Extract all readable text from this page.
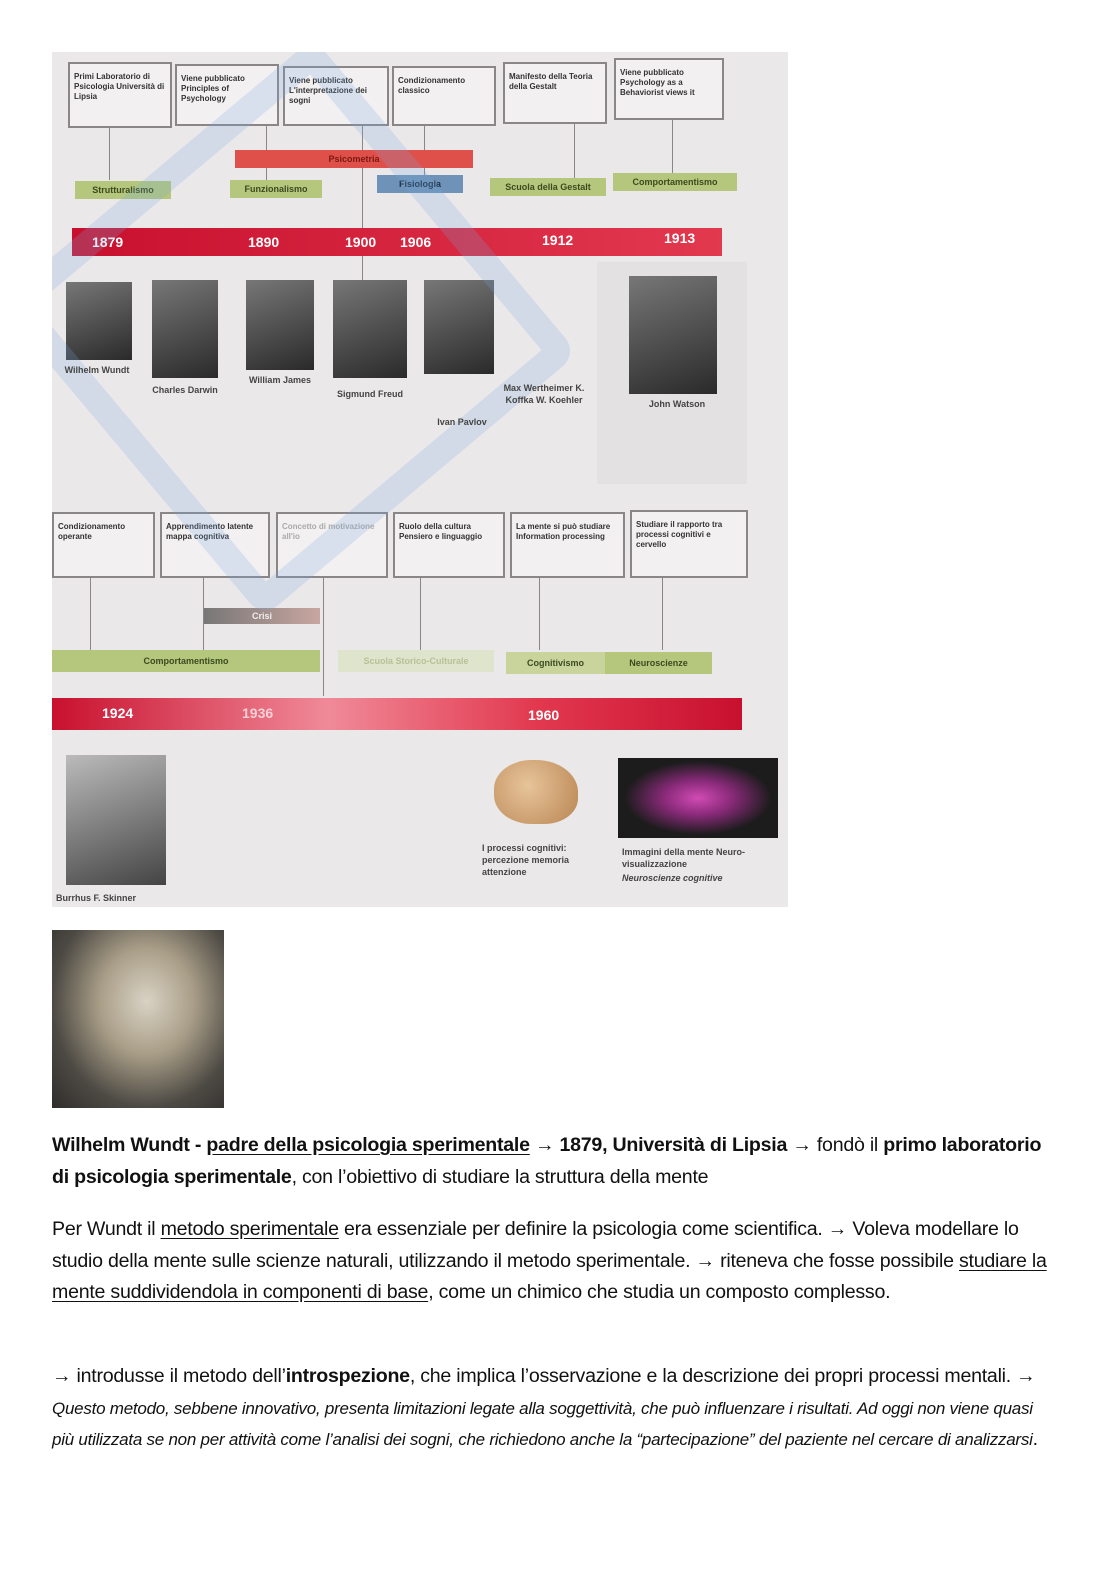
Primi Laboratorio di Psicologia Università di Lipsia
Viene pubblicato Principles of Psychology
Viene pubblicato L'interpretazione dei sogni
Condizionamento classico
Manifesto della Teoria della Gestalt
Viene pubblicato Psychology as a Behaviorist views it
Psicometria
Strutturalismo	Funzionalismo	Fisiologia	Scuola della Gestalt	Comportamentismo
1879	1890	1900 1906	1912	1913
Wilhelm Wundt
Charles Darwin
William James
Sigmund Freud
Ivan Pavlov
Max Wertheimer K. Koffka W. Koehler	John Watson
Condizionamento operante
Apprendimento latente mappa cognitiva
Concetto di motivazione all'io
Ruolo della cultura Pensiero e linguaggio
La mente si può studiare Information processing
Studiare il rapporto tra processi cognitivi e cervello
Crisi
Comportamentismo	Scuola Storico-Culturale	Cognitivismo	Neuroscienze
1924	1936	1960
Burrhus F. Skinner
I processi cognitivi: percezione memoria attenzione
Immagini della mente Neuro-visualizzazione
Neuroscienze cognitive

Wilhelm Wundt - padre della psicologia sperimentale → 1879, Università di Lipsia → fondò il primo laboratorio di psicologia sperimentale, con l’obiettivo di studiare la struttura della mente

Per Wundt il metodo sperimentale era essenziale per definire la psicologia come scientifica. → Voleva modellare lo studio della mente sulle scienze naturali, utilizzando il metodo sperimentale. → riteneva che fosse possibile studiare la mente suddividendola in componenti di base, come un chimico che studia un composto complesso.

→ introdusse il metodo dell’introspezione, che implica l’osservazione e la descrizione dei propri processi mentali. → Questo metodo, sebbene innovativo, presenta limitazioni legate alla soggettività, che può influenzare i risultati. Ad oggi non viene quasi più utilizzata se non per attività come l’analisi dei sogni, che richiedono anche la “partecipazione” del paziente nel cercare di analizzarsi.
